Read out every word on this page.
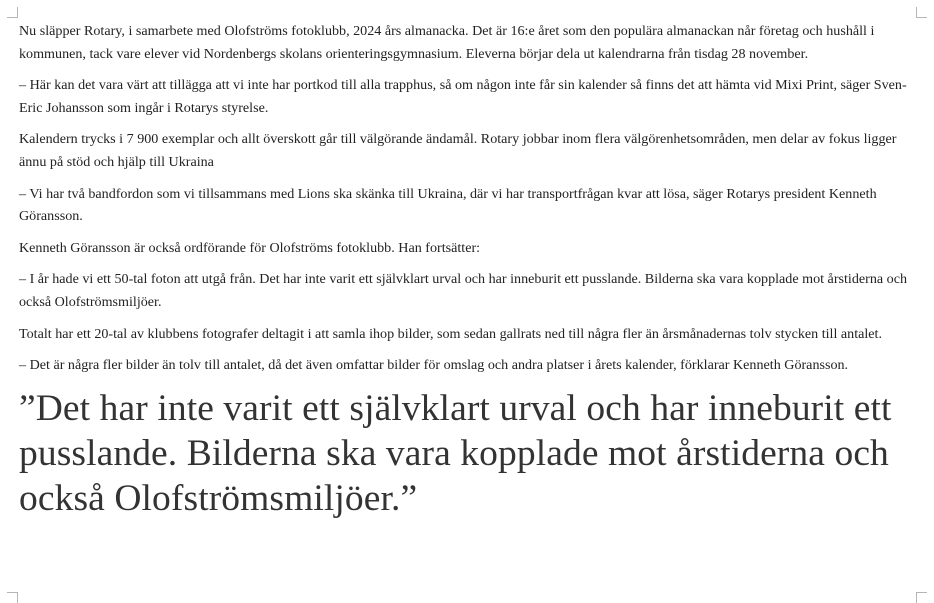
Nu släpper Rotary, i samarbete med Olofströms fotoklubb, 2024 års almanacka. Det är 16:e året som den populära almanackan når företag och hushåll i kommunen, tack vare elever vid Nordenbergs skolans orienteringsgymnasium. Eleverna börjar dela ut kalendrarna från tisdag 28 november.

– Här kan det vara värt att tillägga att vi inte har portkod till alla trapphus, så om någon inte får sin kalender så finns det att hämta vid Mixi Print, säger Sven-Eric Johansson som ingår i Rotarys styrelse.

Kalendern trycks i 7 900 exemplar och allt överskott går till välgörande ändamål. Rotary jobbar inom flera välgörenhetsområden, men delar av fokus ligger ännu på stöd och hjälp till Ukraina

– Vi har två bandfordon som vi tillsammans med Lions ska skänka till Ukraina, där vi har transportfrågan kvar att lösa, säger Rotarys president Kenneth Göransson.

Kenneth Göransson är också ordförande för Olofströms fotoklubb. Han fortsätter:

– I år hade vi ett 50-tal foton att utgå från. Det har inte varit ett självklart urval och har inneburit ett pusslande. Bilderna ska vara kopplade mot årstiderna och också Olofströmsmiljöer.

Totalt har ett 20-tal av klubbens fotografer deltagit i att samla ihop bilder, som sedan gallrats ned till några fler än årsmånadernas tolv stycken till antalet.

– Det är några fler bilder än tolv till antalet, då det även omfattar bilder för omslag och andra platser i årets kalender, förklarar Kenneth Göransson.

”Det har inte varit ett självklart urval och har inneburit ett pusslande. Bilderna ska vara kopplade mot årstiderna och också Olofströmsmiljöer.”
